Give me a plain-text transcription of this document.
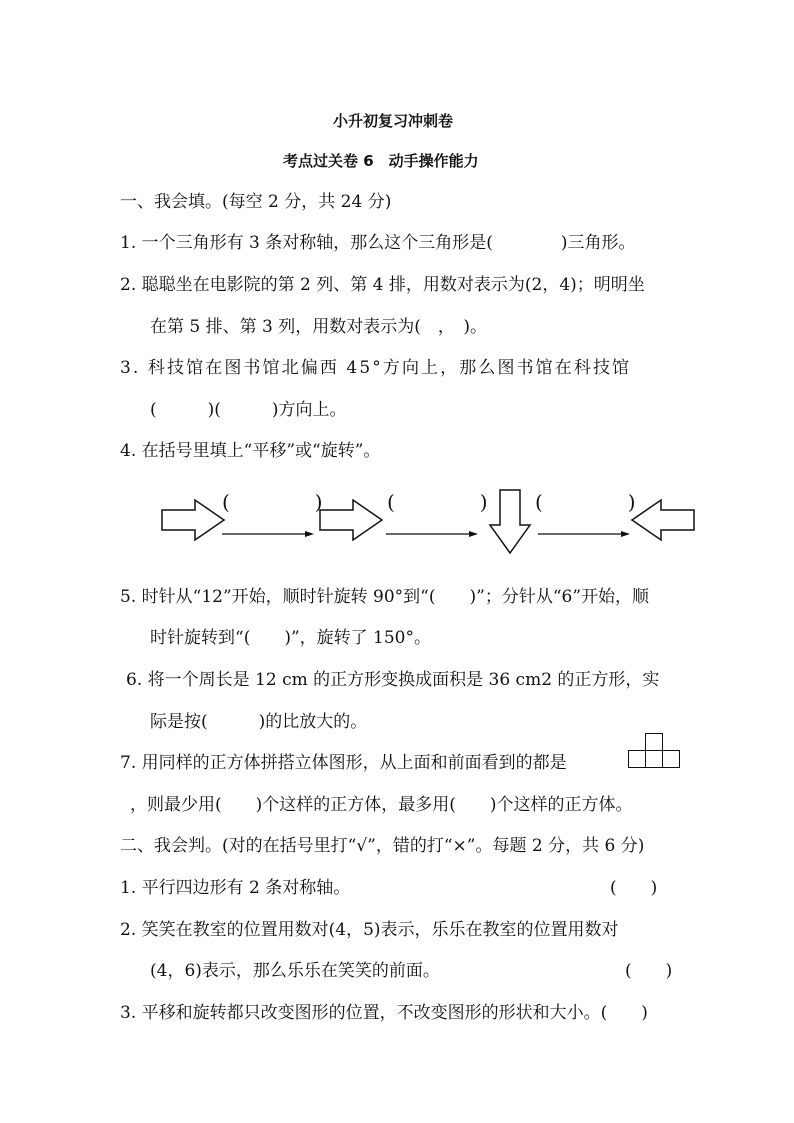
小升初复习冲刺卷
考点过关卷 6　动手操作能力
一、我会填。(每空 2 分，共 24 分)
1. 一个三角形有 3 条对称轴，那么这个三角形是(　　　　)三角形。
2. 聪聪坐在电影院的第 2 列、第 4 排，用数对表示为(2，4)；明明坐
在第 5 排、第 3 列，用数对表示为(　，　)。
3. 科技馆在图书馆北偏西 45°方向上，那么图书馆在科技馆
(　　　)(　　　)方向上。
4. 在括号里填上“平移”或“旋转”。
(　　　　)	(　　　　) (　　　　)
5. 时针从“12”开始，顺时针旋转 90°到“(　　)”；分针从“6”开始，顺
时针旋转到“(　　)”，旋转了 150°。
6. 将一个周长是 12 cm 的正方形变换成面积是 36 cm2 的正方形，实
际是按(　　　)的比放大的。
7. 用同样的正方体拼搭立体图形，从上面和前面看到的都是
，则最少用(　　)个这样的正方体，最多用(　　)个这样的正方体。
二、我会判。(对的在括号里打“√”，错的打“×”。每题 2 分，共 6 分)
1. 平行四边形有 2 条对称轴。	(　　)
2. 笑笑在教室的位置用数对(4，5)表示，乐乐在教室的位置用数对
(4，6)表示，那么乐乐在笑笑的前面。	(　　)
3. 平移和旋转都只改变图形的位置，不改变图形的形状和大小。(　　)
